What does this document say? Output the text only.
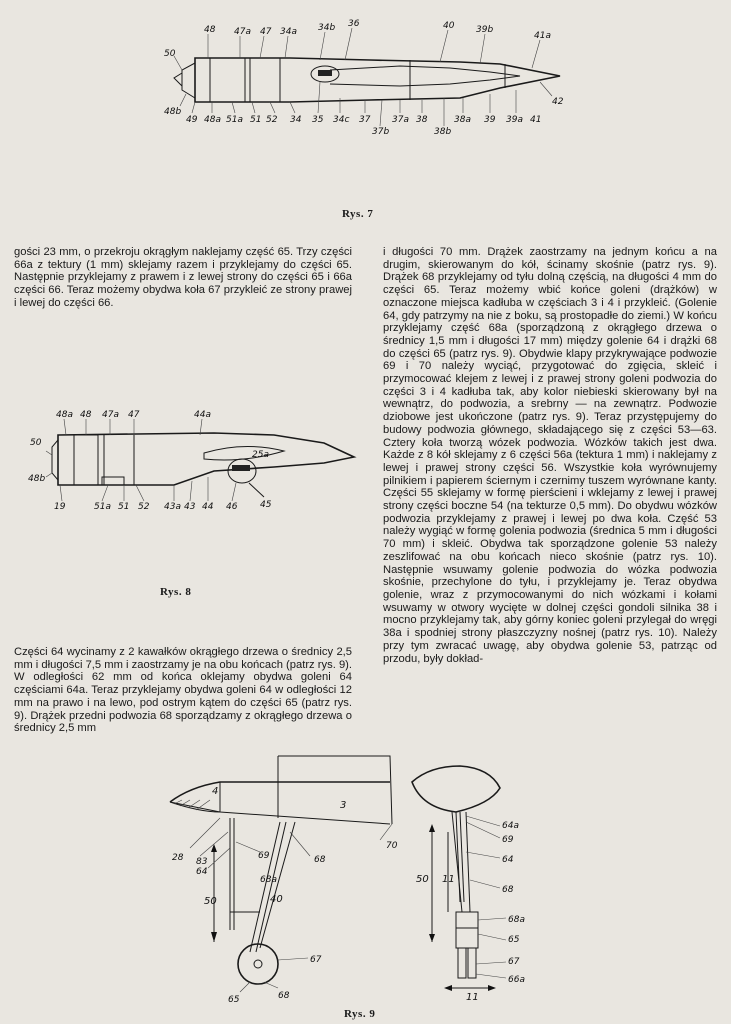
48 47a 47 34a 34b 36	40 39b
41a
50
48b
49 48a 51a 51 52 34 35 34c 37
37b
37a 38
38b
38a 39 39a 41
42
Rys. 7

gości 23 mm, o przekroju okrągłym naklejamy część 65. Trzy części 66a z tektury (1 mm) sklejamy razem i przyklejamy do części 65. Następnie przyklejamy z prawem i z lewej strony do części 65 i 66a części 66. Teraz możemy obydwa koła 67 przykleić ze strony prawej i lewej do części 66.

48a 48 47a 47	44a
50
25a
48b
19	51a 51 52 43a 43 44 46	45
Rys. 8

Części 64 wycinamy z 2 kawałków okrągłego drzewa o średnicy 2,5 mm i długości 7,5 mm i zaostrzamy je na obu końcach (patrz rys. 9). W odległości 62 mm od końca oklejamy obydwa goleni 64 częściami 64a. Teraz przyklejamy obydwa goleni 64 w odległości 12 mm na prawo i na lewo, pod ostrym kątem do części 65 (patrz rys. 9). Drążek przedni podwozia 68 sporządzamy z okrągłego drzewa o średnicy 2,5 mm

i długości 70 mm. Drążek zaostrzamy na jednym końcu a na drugim, skierowanym do kół, ścinamy skośnie (patrz rys. 9). Drążek 68 przyklejamy od tyłu dolną częścią, na długości 4 mm do części 65. Teraz możemy wbić końce goleni (drążków) w oznaczone miejsca kadłuba w częściach 3 i 4 i przykleić. (Golenie 64, gdy patrzymy na nie z boku, są prostopadłe do ziemi.) W końcu przyklejamy część 68a (sporządzoną z okrągłego drzewa o średnicy 1,5 mm i długości 17 mm) między golenie 64 i drążki 68 do części 65 (patrz rys. 9). Obydwie klapy przykrywające podwozie 69 i 70 należy wyciąć, przygotować do zgięcia, skleić i przymocować klejem z lewej i z prawej strony goleni podwozia do części 3 i 4 kadłuba tak, aby kolor niebieski skierowany był na wewnątrz, do podwozia, a srebrny — na zewnątrz. Podwozie dziobowe jest ukończone (patrz rys. 9). Teraz przystępujemy do budowy podwozia głównego, składającego się z części 53—63. Cztery koła tworzą wózek podwozia. Wózków takich jest dwa. Każde z 8 kół sklejamy z 6 części 56a (tektura 1 mm) i naklejamy z lewej i prawej strony części 56. Wszystkie koła wyrównujemy pilnikiem i papierem ściernym i czernimy tuszem wyrównane kanty. Części 55 sklejamy w formę pierścieni i wklejamy z lewej i prawej strony części boczne 54 (na tekturze 0,5 mm). Do obydwu wózków podwozia przyklejamy z prawej i lewej po dwa koła. Część 53 należy wygiąć w formę golenia podwozia (średnica 5 mm i długości 70 mm) i skleić. Obydwa tak sporządzone golenie 53 należy zeszlifować na obu końcach nieco skośnie (patrz rys. 10). Następnie wsuwamy golenie podwozia do wózka podwozia skośnie, przechylone do tyłu, i przyklejamy je. Teraz obydwa golenie, wraz z przymocowanymi do nich wózkami i kołami wsuwamy w otwory wycięte w dolnej części gondoli silnika 38 i mocno przyklejamy tak, aby górny koniec goleni przylegał do wręgi 38a i spodniej strony płaszczyzny nośnej (patrz rys. 10). Należy przy tym zwracać uwagę, aby obydwa golenie 53, patrząc od przodu, były dokład-

4
3
70
28 83
64
69	68
68a
40
67
65	68
50
64a
69
64
68
68a
65
67
66a
50 11
11
Rys. 9
